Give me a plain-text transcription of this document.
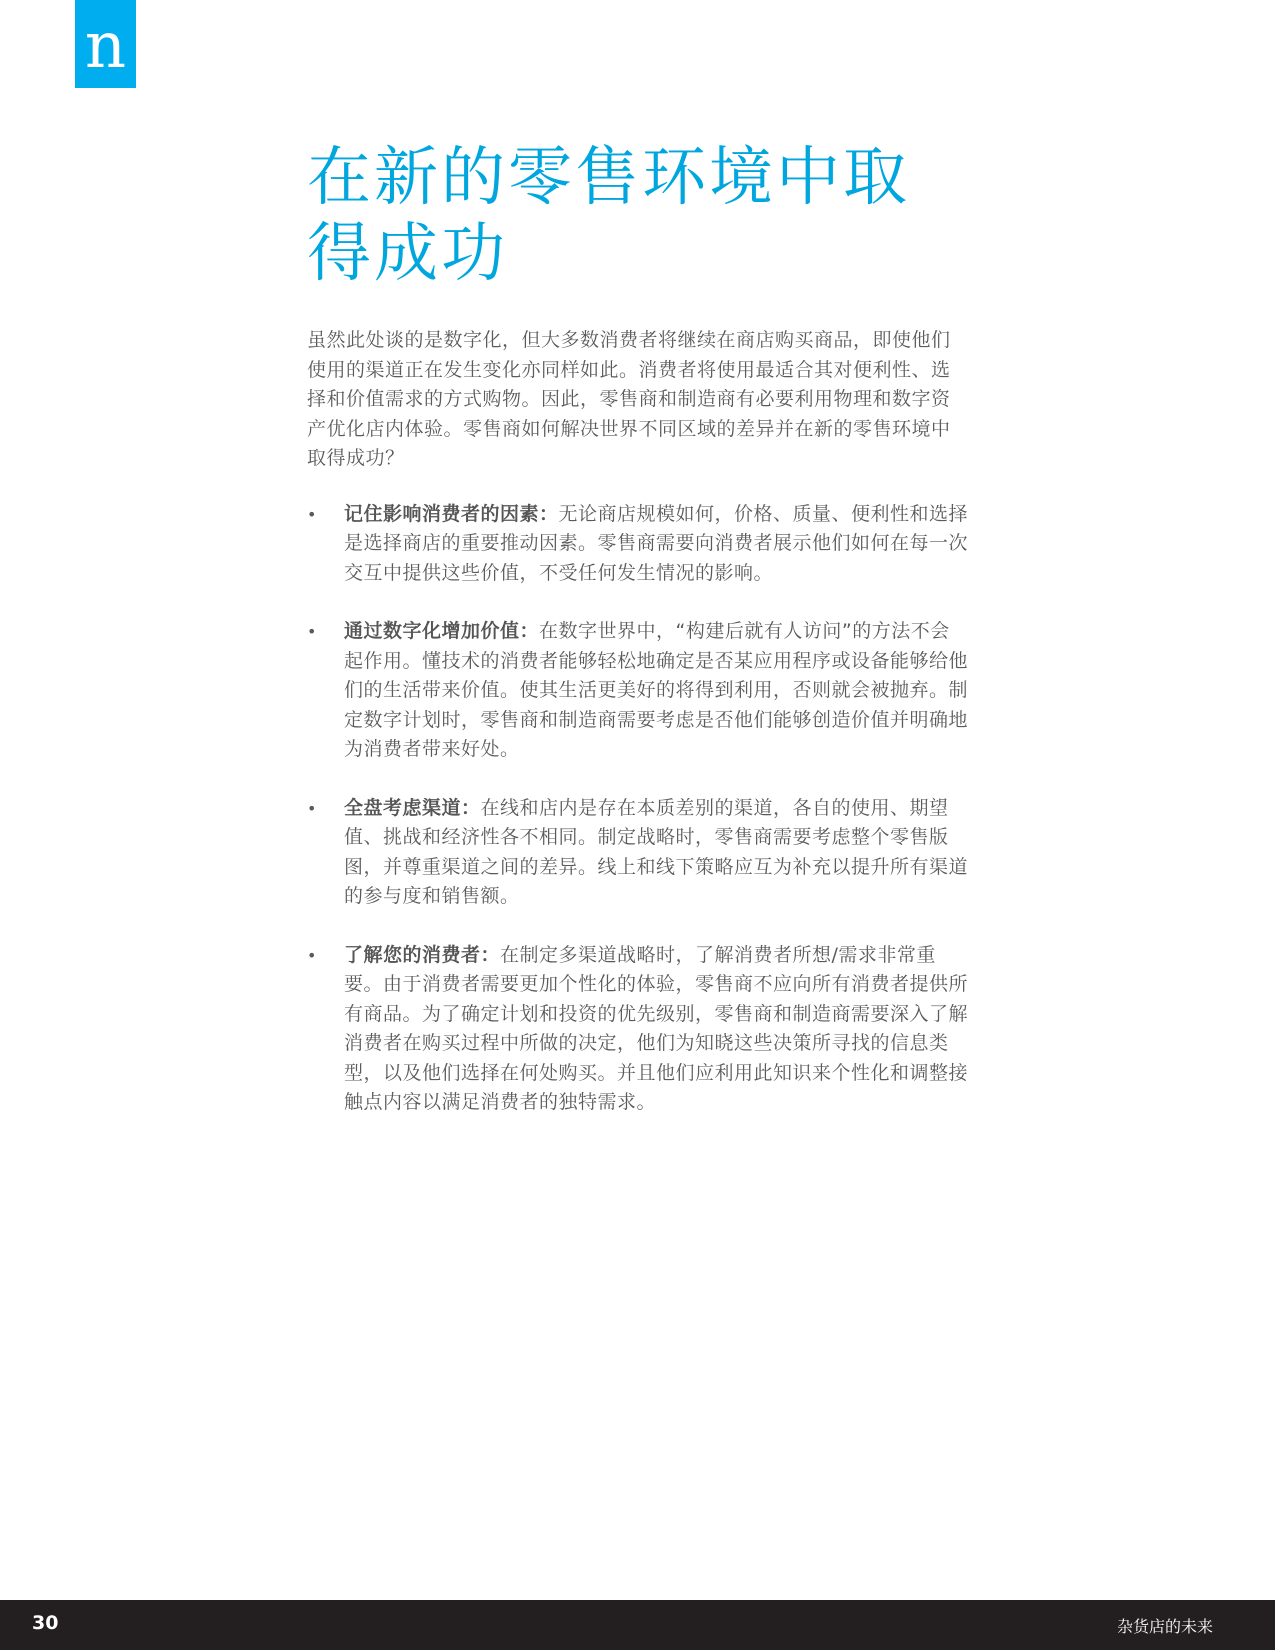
n
在新的零售环境中取得成功

虽然此处谈的是数字化，但大多数消费者将继续在商店购买商品，即使他们使用的渠道正在发生变化亦同样如此。消费者将使用最适合其对便利性、选择和价值需求的方式购物。因此，零售商和制造商有必要利用物理和数字资产优化店内体验。零售商如何解决世界不同区域的差异并在新的零售环境中取得成功？

• 记住影响消费者的因素：无论商店规模如何，价格、质量、便利性和选择是选择商店的重要推动因素。零售商需要向消费者展示他们如何在每一次交互中提供这些价值，不受任何发生情况的影响。
• 通过数字化增加价值：在数字世界中，“构建后就有人访问”的方法不会起作用。懂技术的消费者能够轻松地确定是否某应用程序或设备能够给他们的生活带来价值。使其生活更美好的将得到利用，否则就会被抛弃。制定数字计划时，零售商和制造商需要考虑是否他们能够创造价值并明确地为消费者带来好处。
• 全盘考虑渠道：在线和店内是存在本质差别的渠道，各自的使用、期望值、挑战和经济性各不相同。制定战略时，零售商需要考虑整个零售版图，并尊重渠道之间的差异。线上和线下策略应互为补充以提升所有渠道的参与度和销售额。
• 了解您的消费者：在制定多渠道战略时，了解消费者所想/需求非常重要。由于消费者需要更加个性化的体验，零售商不应向所有消费者提供所有商品。为了确定计划和投资的优先级别，零售商和制造商需要深入了解消费者在购买过程中所做的决定，他们为知晓这些决策所寻找的信息类型，以及他们选择在何处购买。并且他们应利用此知识来个性化和调整接触点内容以满足消费者的独特需求。
30	杂货店的未来
